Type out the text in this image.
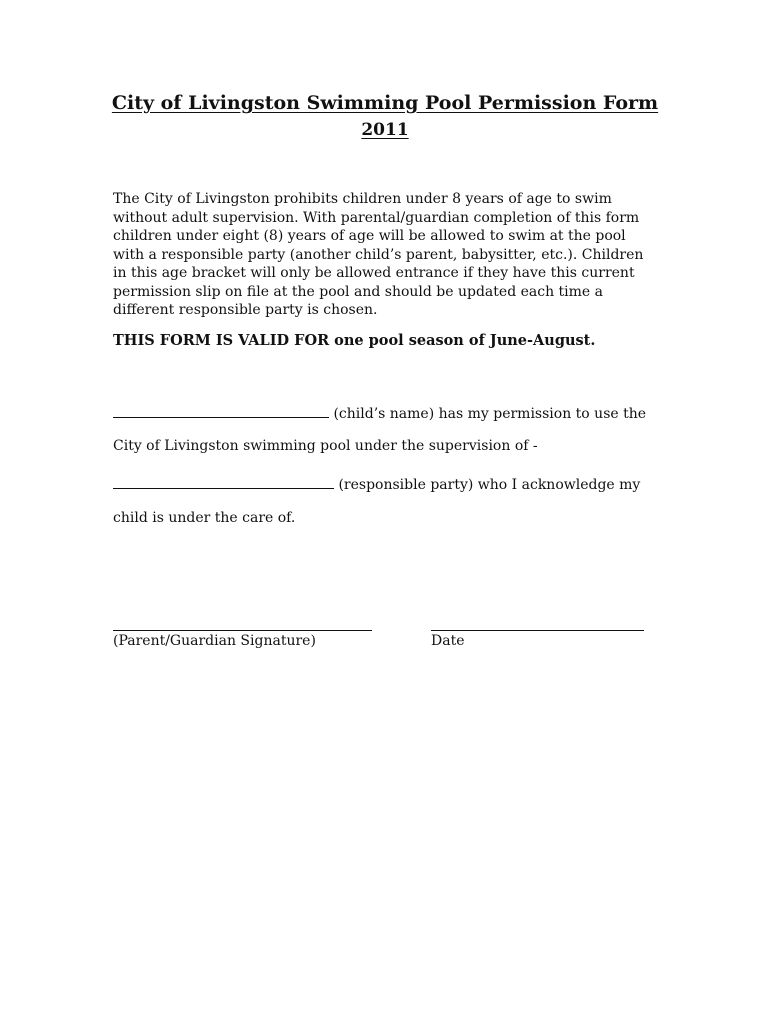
City of Livingston Swimming Pool Permission Form
2011

The City of Livingston prohibits children under 8 years of age to swim without adult supervision. With parental/guardian completion of this form children under eight (8) years of age will be allowed to swim at the pool with a responsible party (another child’s parent, babysitter, etc.). Children in this age bracket will only be allowed entrance if they have this current permission slip on file at the pool and should be updated each time a different responsible party is chosen.

THIS FORM IS VALID FOR one pool season of June-August.

(child’s name) has my permission to use the

City of Livingston swimming pool under the supervision of -

(responsible party) who I acknowledge my

child is under the care of.

(Parent/Guardian Signature)	Date
